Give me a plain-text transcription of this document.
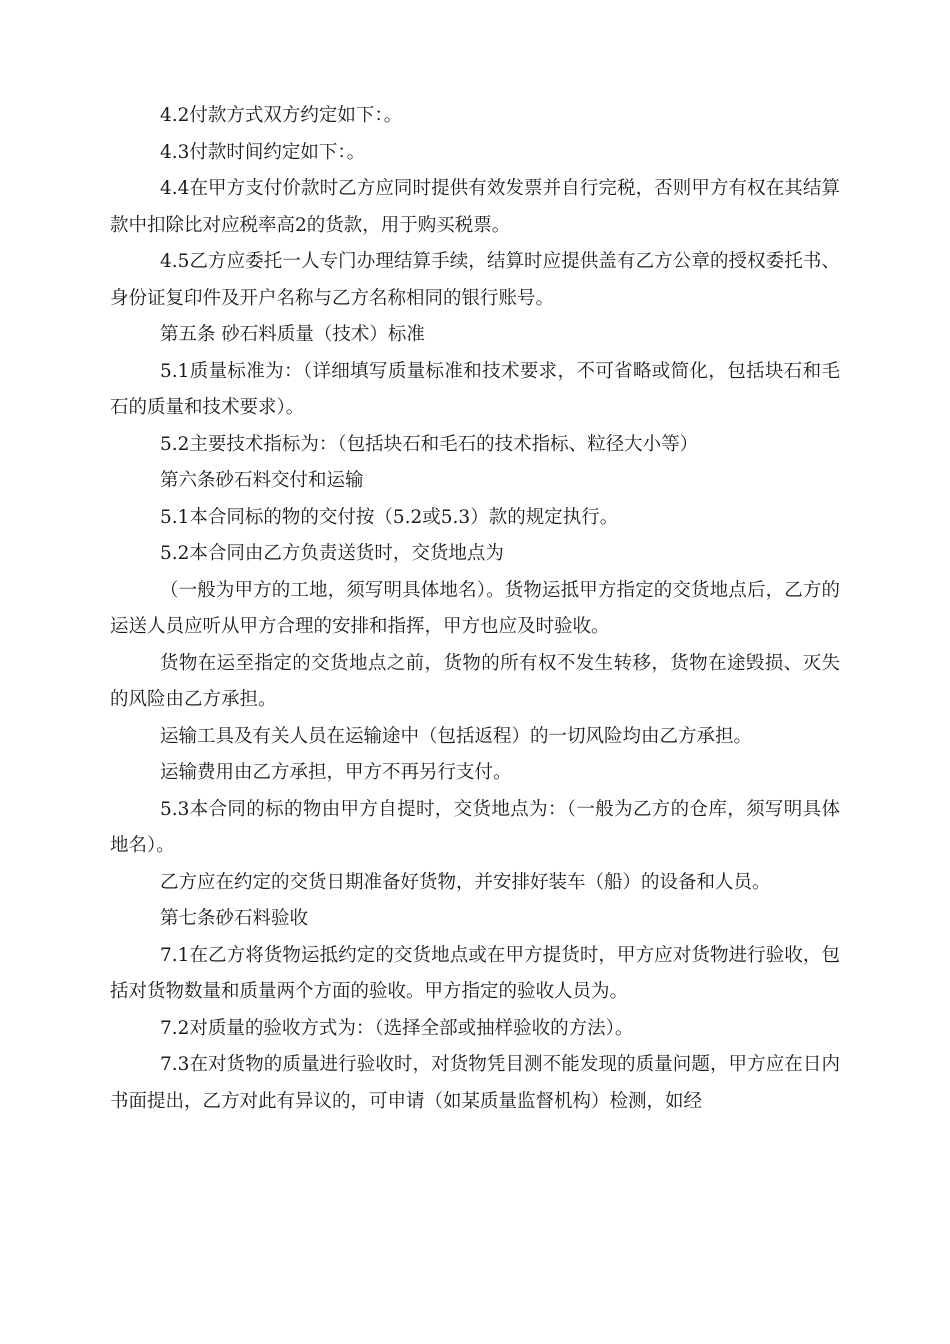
4.2付款方式双方约定如下：。

4.3付款时间约定如下：。

4.4在甲方支付价款时乙方应同时提供有效发票并自行完税，否则甲方有权在其结算款中扣除比对应税率高2的货款，用于购买税票。

4.5乙方应委托一人专门办理结算手续，结算时应提供盖有乙方公章的授权委托书、身份证复印件及开户名称与乙方名称相同的银行账号。

第五条 砂石料质量（技术）标准

5.1质量标准为：（详细填写质量标准和技术要求，不可省略或简化，包括块石和毛石的质量和技术要求）。

5.2主要技术指标为：（包括块石和毛石的技术指标、粒径大小等）

第六条砂石料交付和运输

5.1本合同标的物的交付按（5.2或5.3）款的规定执行。

5.2本合同由乙方负责送货时，交货地点为

（一般为甲方的工地，须写明具体地名）。货物运抵甲方指定的交货地点后，乙方的运送人员应听从甲方合理的安排和指挥，甲方也应及时验收。

货物在运至指定的交货地点之前，货物的所有权不发生转移，货物在途毁损、灭失的风险由乙方承担。

运输工具及有关人员在运输途中（包括返程）的一切风险均由乙方承担。

运输费用由乙方承担，甲方不再另行支付。

5.3本合同的标的物由甲方自提时，交货地点为：（一般为乙方的仓库，须写明具体地名）。

乙方应在约定的交货日期准备好货物，并安排好装车（船）的设备和人员。

第七条砂石料验收

7.1在乙方将货物运抵约定的交货地点或在甲方提货时，甲方应对货物进行验收，包括对货物数量和质量两个方面的验收。甲方指定的验收人员为。

7.2对质量的验收方式为：（选择全部或抽样验收的方法）。

7.3在对货物的质量进行验收时，对货物凭目测不能发现的质量问题，甲方应在日内书面提出，乙方对此有异议的，可申请（如某质量监督机构）检测，如经
